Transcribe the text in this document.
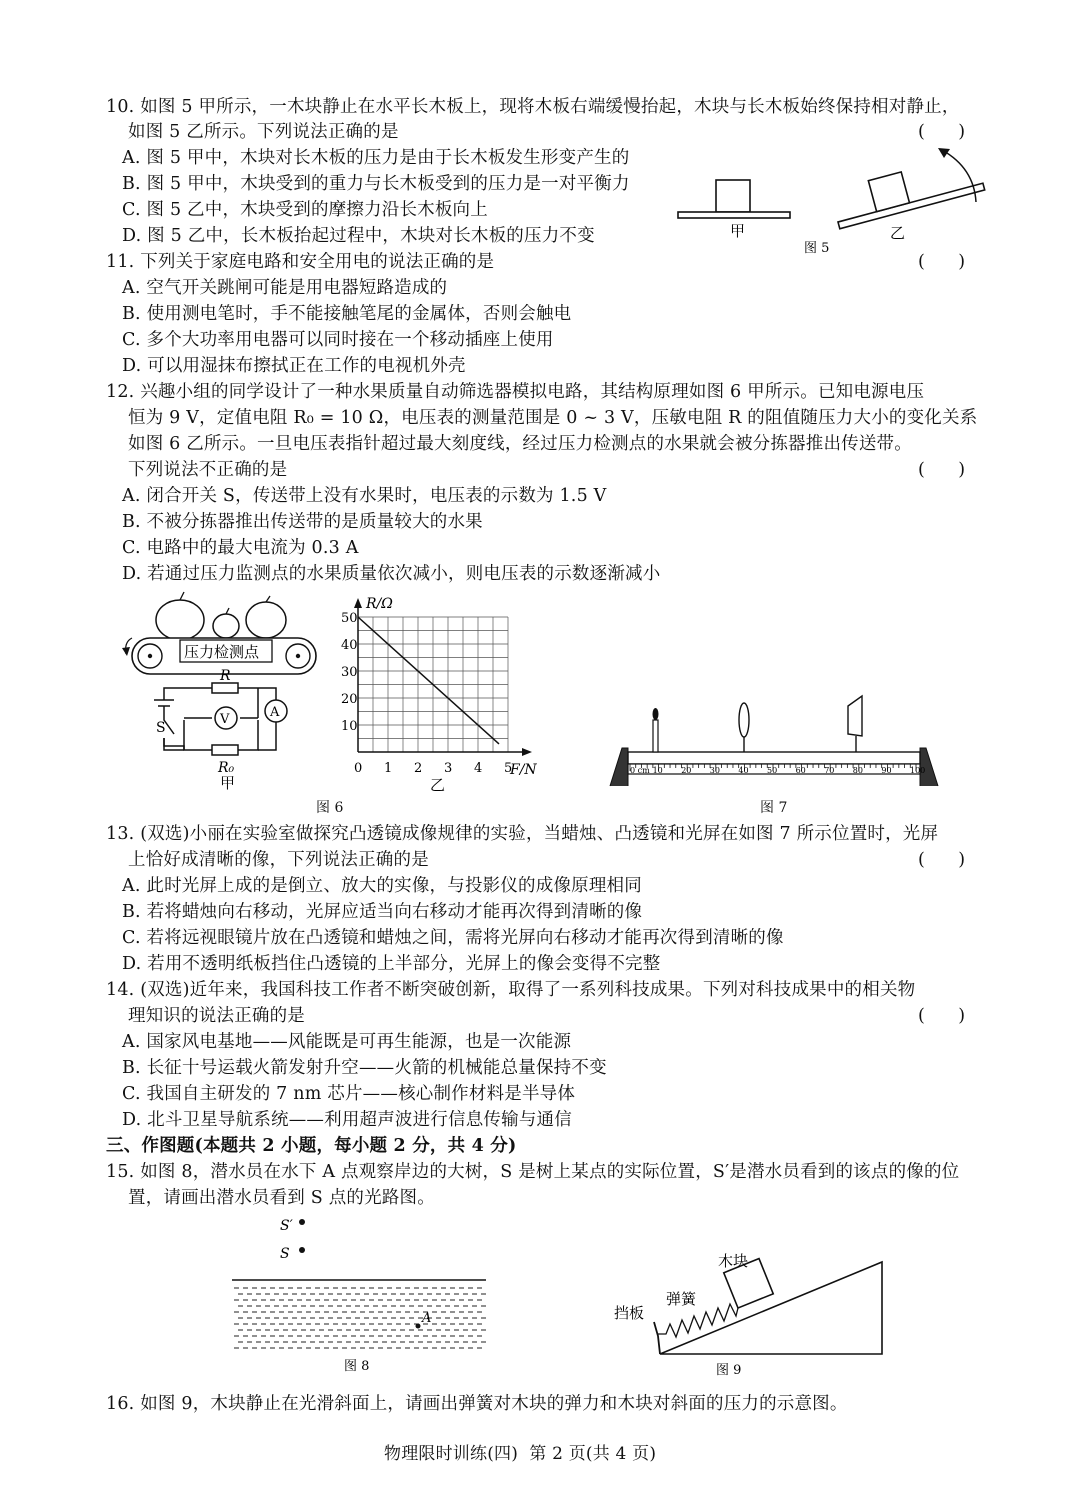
10. 如图 5 甲所示，一木块静止在水平长木板上，现将木板右端缓慢抬起，木块与长木板始终保持相对静止，
如图 5 乙所示。下列说法正确的是	(      )
A. 图 5 甲中，木块对长木板的压力是由于长木板发生形变产生的
B. 图 5 甲中，木块受到的重力与长木板受到的压力是一对平衡力
C. 图 5 乙中，木块受到的摩擦力沿长木板向上
D. 图 5 乙中，长木板抬起过程中，木块对长木板的压力不变	甲	乙
图 5
11. 下列关于家庭电路和安全用电的说法正确的是	(      )
A. 空气开关跳闸可能是用电器短路造成的
B. 使用测电笔时，手不能接触笔尾的金属体，否则会触电
C. 多个大功率用电器可以同时接在一个移动插座上使用
D. 可以用湿抹布擦拭正在工作的电视机外壳
12. 兴趣小组的同学设计了一种水果质量自动筛选器模拟电路，其结构原理如图 6 甲所示。已知电源电压
恒为 9 V，定值电阻 R₀ = 10 Ω，电压表的测量范围是 0 ~ 3 V，压敏电阻 R 的阻值随压力大小的变化关系
如图 6 乙所示。一旦电压表指针超过最大刻度线，经过压力检测点的水果就会被分拣器推出传送带。
下列说法不正确的是	(      )
A. 闭合开关 S，传送带上没有水果时，电压表的示数为 1.5 V
B. 不被分拣器推出传送带的是质量较大的水果
C. 电路中的最大电流为 0.3 A
D. 若通过压力监测点的水果质量依次减小，则电压表的示数逐渐减小
压力检测点
V	A
R
S
R₀
甲
0 1 2 3 4 5
10
20
30
40
50
R/Ω
F/N
乙
图 6
0 cm 10 20 30 40 50 60 70 80 90 100
图 7
13. (双选)小丽在实验室做探究凸透镜成像规律的实验，当蜡烛、凸透镜和光屏在如图 7 所示位置时，光屏
上恰好成清晰的像，下列说法正确的是	(      )
A. 此时光屏上成的是倒立、放大的实像，与投影仪的成像原理相同
B. 若将蜡烛向右移动，光屏应适当向右移动才能再次得到清晰的像
C. 若将远视眼镜片放在凸透镜和蜡烛之间，需将光屏向右移动才能再次得到清晰的像
D. 若用不透明纸板挡住凸透镜的上半部分，光屏上的像会变得不完整
14. (双选)近年来，我国科技工作者不断突破创新，取得了一系列科技成果。下列对科技成果中的相关物
理知识的说法正确的是	(      )
A. 国家风电基地——风能既是可再生能源，也是一次能源
B. 长征十号运载火箭发射升空——火箭的机械能总量保持不变
C. 我国自主研发的 7 nm 芯片——核心制作材料是半导体
D. 北斗卫星导航系统——利用超声波进行信息传输与通信
三、作图题(本题共 2 小题，每小题 2 分，共 4 分)
15. 如图 8，潜水员在水下 A 点观察岸边的大树，S 是树上某点的实际位置，S′是潜水员看到的该点的像的位
置，请画出潜水员看到 S 点的光路图。
S′
S
A
图 8
挡板
弹簧
木块
图 9
16. 如图 9，木块静止在光滑斜面上，请画出弹簧对木块的弹力和木块对斜面的压力的示意图。
物理限时训练(四)  第 2 页(共 4 页)
